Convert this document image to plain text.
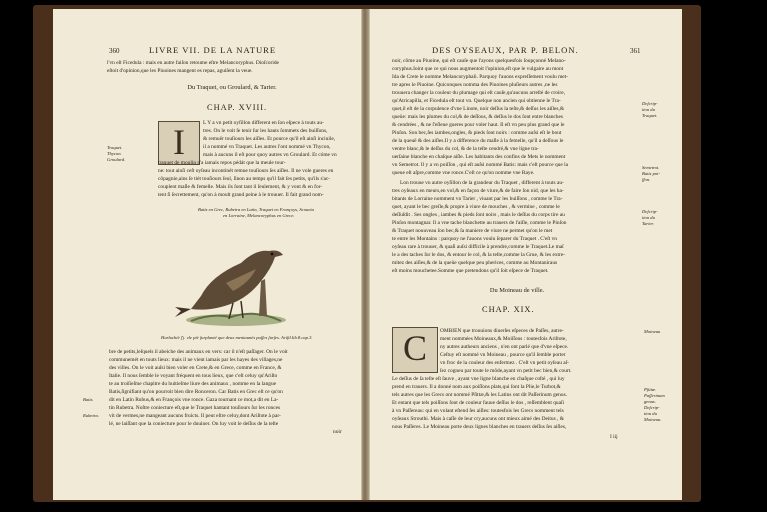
360	LIVRE VII. DE LA NATURE
l'vn eſt Ficedula : mais en autre faiſon retoume eſtre Melancoryphus. Dioſcoride
eſtoit d'opinion,que les Piuoines mangent es repas, aguiſent la veue.
Du Traquet, ou Groulard, & Tarier.
CHAP. XVIII.
I	L Y a vn petit oyſillon different en ſon eſpece à touts au-
tres. On le voit ſe tenir ſur les hauts ſommets des buiſſons,
& remuër touſiours les aiſles. Et pource qu'il eſt ainſi inciuile,
il a nommé vn Traquet. Les autres l'ont nommé vn Thycon,
mais à aucuns il eſt pour quoy autres vn Groulard. Et cóme vn
traquet de moulin n'a iamais repos pédát que la meule tour-
ne: tout ainſi ceſt oyſeau incontinét remue touſiours ſes aiſles. Il ne vole gueres en
côpagnie,ains ſe tiét touſiours ſeul, ſinon au temps qu'il fait ſes petits, qu'ils s'ac-
couplent maſle & femelle. Mais ils ſont tant il ſeulement, & y vont & en for-
tent ſi ſecrettement, qu'on à moult grand peine à le trouuer. Il fait grand nom-
Traquet.
Thycon.
Groulard.
Batis en Grec, Rubetra en Latin, Traquet en Françoys, Scoueta
en Lorraine, Melancoryphus en Grece.
Hurluchiè ſ'j. vle piè ſurplanté que deux mentaunés paſſes ſurſes. Ariſtl.lib.8.cap.3.
bre de petits,leſquels il abeiche des animaux en vers: car il n'eſt paſſager. On le voit
communemét en touts lieux: mais il ne vient iamais par les hayes des villages,ne
des villes. On le voit auſsi bien voler en Crete,& en Grece, comme en France, &
Italie. Il nous ſemble le voyant fréquent en tous lieux, que c'eſt celuy qu'Ariſto
te au troiſieſme chapitre du huitieſme liure des animaux , nomme en la langue
Batis,ſignifiant qu'on pourroit bien dire Ronceron. Car Batis en Grec eſt ce qu'on
dit en Latin Rubus,& en François vne ronce. Gaza tournant ce mot,a dit en La-
tin Rubetra. Noſtre coniecture eſt,que le Traquet hantant touſiours ſur les ronces
vit de vermes,ne mangeant aucuns fruicts. Il peut eſtre celuy,dont Ariſtote à par-
lé, ne laiſſant que la coniecture pour le duuiner. On luy voit le deſſus de la teſte
noir
Batis.
Rubetra.
DES OYSEAUX, PAR P. BELON.	361
noir, côme au Piuoine, qui eſt cauſe que l'ayons quelquesfois ſoupçonné Melano-
coryphus.Ioint que ce qui nous augmentoit l'opinion,eſt que le vulgaire au mont
Ida de Crete le nomme Melancoryphali. Parquoy l'auons expreſſement voulu met-
tre apres le Piuoine. Quiconques nomma des Piuoines pluſieurs autres ,ne les
trouuera changer la couleur du plumage qui eſt cauſe,qu'aucuns arreſté de croire,
qu'Atricapilla, et Ficedula eſt tout vn. Quelque non ancien qui obtienne le Tra-
quet,il eſt de la corpulence d'vne Linote, noir deſſus la teſte,& deſſus les aiſles,&
queüe: mais les plumes du col,& de deſſous, & deſſus le dos ſont entre blanches
& cendrées , & ne ſ'eſleue gueres pour voler haut. Il eſt vn peu plus grand que le
Pinſon. Son bec,ſes iambes,ongles, & pieds ſont noirs : comme auſsi eſt le bout
de la queuë & des aiſles.Il y a difference du maſle à la femelle, qu'il a deſſous le
ventre blanc,& le deſſus du col, & de la teſte cendré,& vne ligne tra-
uerſaine blanche en chaſque aiſle. Les habitants des confins de Mets le nomment
vn Semetrot. Il y a vn poiſſon , qui eſt auſsi nommé Batis: mais c'eſt pource que la
queue eſt aſpre,comme vne ronce.C'eſt ce qu'on nomme vne Raye.
Lon trouue vn autre oyſillon de la grandeur du Traquet , different à touts au-
tres oyſeaux en meurs,en vol,& en façon de viure,& de faire ſon nid, que les ha-
bitants de Lorraine nomment vn Tarier , viuant par les buiſſons , comme le Tra-
quet, ayant le bec greſle,& propre à viure de mouches , & vermine , comme le
deſſuſdit . Ses ongles , iambes & pieds ſont noirs , mais le deſſus du corps tire au
Pinſon montagnar. Il a vne tache blanchette au trauers de l'aiſle, comme le Pinſon
& Traquet nouuveau ſon bec,& ſa maniere de viure ne permet qu'on le met
te entre les Montains : parquoy ne l'auons voulu ſeparer du Traquet . C'eſt vn
oyſeau rare à trouuer, & quaſi auſsi difficile à prendre,comme le Traquet.Le maſ
le a des taches ſur le dos, & entour le col, & la teſte,comme la Grue, & les extre-
mitez des aiſles,& de la queüe quelque peu pherices, comme au Montaniraus
eſt moins mouchetee.Somme que pretendons qu'il ſoit eſpece de Traquet.
Deſcrip-
tion du
Traquet.
Semetrot.
Batis poi-
ſſon.
Deſcrip-
tion du
Tarier.
Du Moineau de ville.
CHAP. XIX.
C	OMBIEN que trouuions diuerſes eſpeces de Paſſes, autre-
ment nommées Moineaux,& Moiſſons : toutesfois Ariſtote,
ny autres autheurs anciens , n'en ont parlé que d'vne eſpece.
Ceſtuy eſt nommé vn Moineau , pource qu'il ſemble porter
vn froc de la couleur des enfermez . C'eſt vn petit oyſeau aſ-
ſez cogneu par toute le môde,ayant vn petit bec bien,& court.
Le deſſus de ſa teſte eſt ſauve , ayant vne ligne blanche en chaſque coſté , qui luy
prend en trauers. Il a donné nom aux poiſſons plats,qui ſont la Plie,le Turbot,&
tels autres que les Grecs ont nommé Pſittæ,& les Latins ont dit Paſſerinum genus.
Et entant que tels poiſſons ſont de couleur fauue deſſus le dos , reſſemblent quaſi
à vn Paſſereau: qui en volant eſtend ſes aiſles: toutesfois les Grecs nomment tels
oyſeaux Strouthi. Mais à caſſe de leur cry,aucuns ont mieux aimé des Deitus , &
nous Paſſeres. Le Moineau porte deux lignes blanches en trauers deſſus ſes aiſles,
I iij
Moineau
Pſittæ.
Paſſerinum
genus.
Deſcrip-
tion du
Moineau.
